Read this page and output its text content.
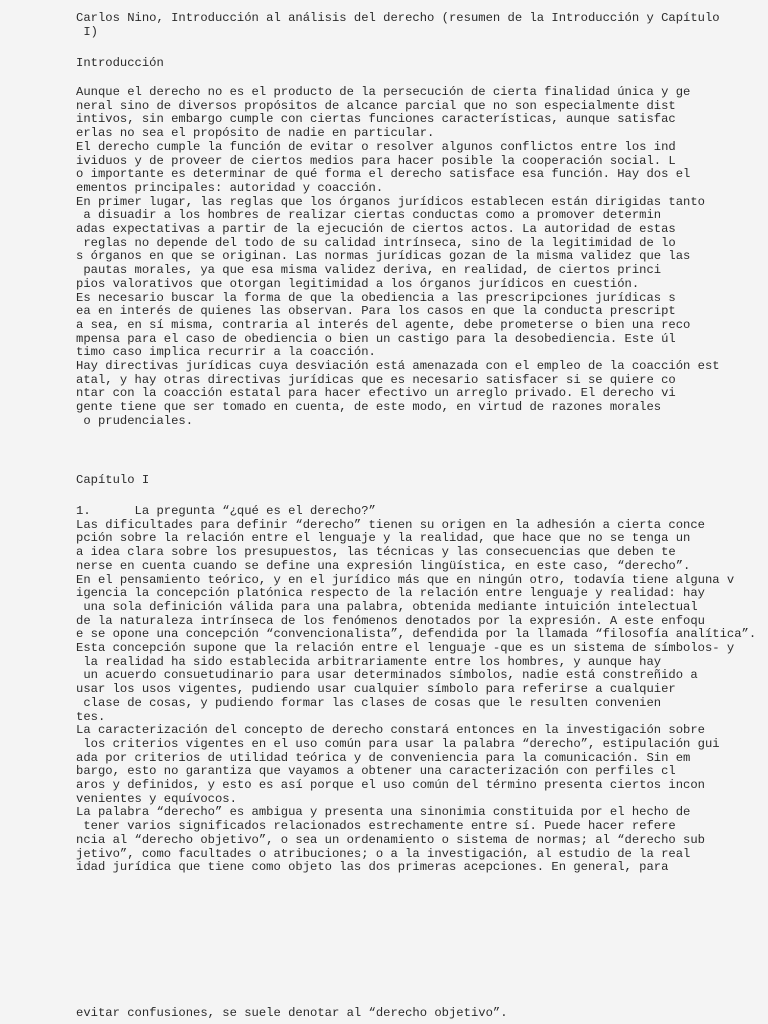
Carlos Nino, Introducción al análisis del derecho (resumen de la Introducción y Capítulo
I)
Introducción
Aunque el derecho no es el producto de la persecución de cierta finalidad única y ge
neral sino de diversos propósitos de alcance parcial que no son especialmente dist
intivos, sin embargo cumple con ciertas funciones características, aunque satisfac
erlas no sea el propósito de nadie en particular.
El derecho cumple la función de evitar o resolver algunos conflictos entre los ind
ividuos y de proveer de ciertos medios para hacer posible la cooperación social. L
o importante es determinar de qué forma el derecho satisface esa función. Hay dos el
ementos principales: autoridad y coacción.
En primer lugar, las reglas que los órganos jurídicos establecen están dirigidas tanto
a disuadir a los hombres de realizar ciertas conductas como a promover determin
adas expectativas a partir de la ejecución de ciertos actos. La autoridad de estas
reglas no depende del todo de su calidad intrínseca, sino de la legitimidad de lo
s órganos en que se originan. Las normas jurídicas gozan de la misma validez que las
pautas morales, ya que esa misma validez deriva, en realidad, de ciertos princi
pios valorativos que otorgan legitimidad a los órganos jurídicos en cuestión.
Es necesario buscar la forma de que la obediencia a las prescripciones jurídicas s
ea en interés de quienes las observan. Para los casos en que la conducta prescript
a sea, en sí misma, contraria al interés del agente, debe prometerse o bien una reco
mpensa para el caso de obediencia o bien un castigo para la desobediencia. Este úl
timo caso implica recurrir a la coacción.
Hay directivas jurídicas cuya desviación está amenazada con el empleo de la coacción est
atal, y hay otras directivas jurídicas que es necesario satisfacer si se quiere co
ntar con la coacción estatal para hacer efectivo un arreglo privado. El derecho vi
gente tiene que ser tomado en cuenta, de este modo, en virtud de razones morales
o prudenciales.
Capítulo I
1.      La pregunta “¿qué es el derecho?”
Las dificultades para definir “derecho” tienen su origen en la adhesión a cierta conce
pción sobre la relación entre el lenguaje y la realidad, que hace que no se tenga un
a idea clara sobre los presupuestos, las técnicas y las consecuencias que deben te
nerse en cuenta cuando se define una expresión lingüística, en este caso, “derecho”.
En el pensamiento teórico, y en el jurídico más que en ningún otro, todavía tiene alguna v
igencia la concepción platónica respecto de la relación entre lenguaje y realidad: hay
una sola definición válida para una palabra, obtenida mediante intuición intelectual
de la naturaleza intrínseca de los fenómenos denotados por la expresión. A este enfoqu
e se opone una concepción “convencionalista”, defendida por la llamada “filosofía analítica”.
Esta concepción supone que la relación entre el lenguaje -que es un sistema de símbolos- y
la realidad ha sido establecida arbitrariamente entre los hombres, y aunque hay
un acuerdo consuetudinario para usar determinados símbolos, nadie está constreñido a
usar los usos vigentes, pudiendo usar cualquier símbolo para referirse a cualquier
clase de cosas, y pudiendo formar las clases de cosas que le resulten convenien
tes.
La caracterización del concepto de derecho constará entonces en la investigación sobre
los criterios vigentes en el uso común para usar la palabra “derecho”, estipulación gui
ada por criterios de utilidad teórica y de conveniencia para la comunicación. Sin em
bargo, esto no garantiza que vayamos a obtener una caracterización con perfiles cl
aros y definidos, y esto es así porque el uso común del término presenta ciertos incon
venientes y equívocos.
La palabra “derecho” es ambigua y presenta una sinonimia constituida por el hecho de
tener varios significados relacionados estrechamente entre sí. Puede hacer refere
ncia al “derecho objetivo”, o sea un ordenamiento o sistema de normas; al “derecho sub
jetivo”, como facultades o atribuciones; o a la investigación, al estudio de la real
idad jurídica que tiene como objeto las dos primeras acepciones. En general, para
evitar confusiones, se suele denotar al “derecho objetivo”.
